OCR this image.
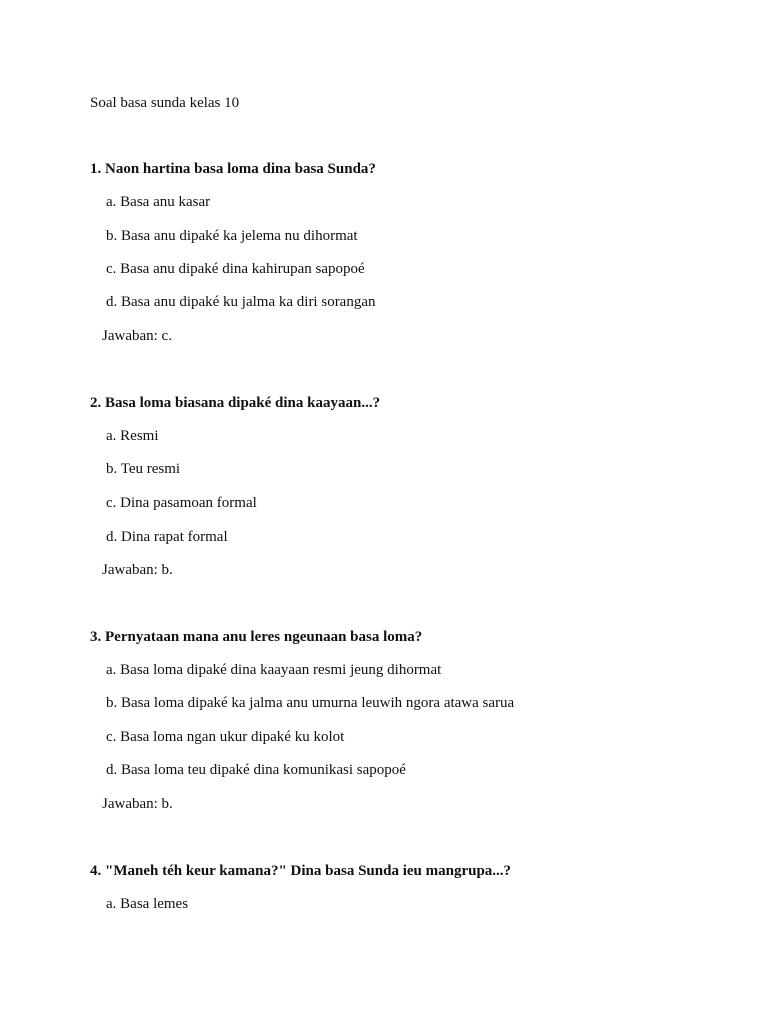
Soal basa sunda kelas 10
1. Naon hartina basa loma dina basa Sunda?
a. Basa anu kasar
b. Basa anu dipaké ka jelema nu dihormat
c. Basa anu dipaké dina kahirupan sapopoé
d. Basa anu dipaké ku jalma ka diri sorangan
Jawaban: c.
2. Basa loma biasana dipaké dina kaayaan...?
a. Resmi
b. Teu resmi
c. Dina pasamoan formal
d. Dina rapat formal
Jawaban: b.
3. Pernyataan mana anu leres ngeunaan basa loma?
a. Basa loma dipaké dina kaayaan resmi jeung dihormat
b. Basa loma dipaké ka jalma anu umurna leuwih ngora atawa sarua
c. Basa loma ngan ukur dipaké ku kolot
d. Basa loma teu dipaké dina komunikasi sapopoé
Jawaban: b.
4. "Maneh téh keur kamana?" Dina basa Sunda ieu mangrupa...?
a. Basa lemes
